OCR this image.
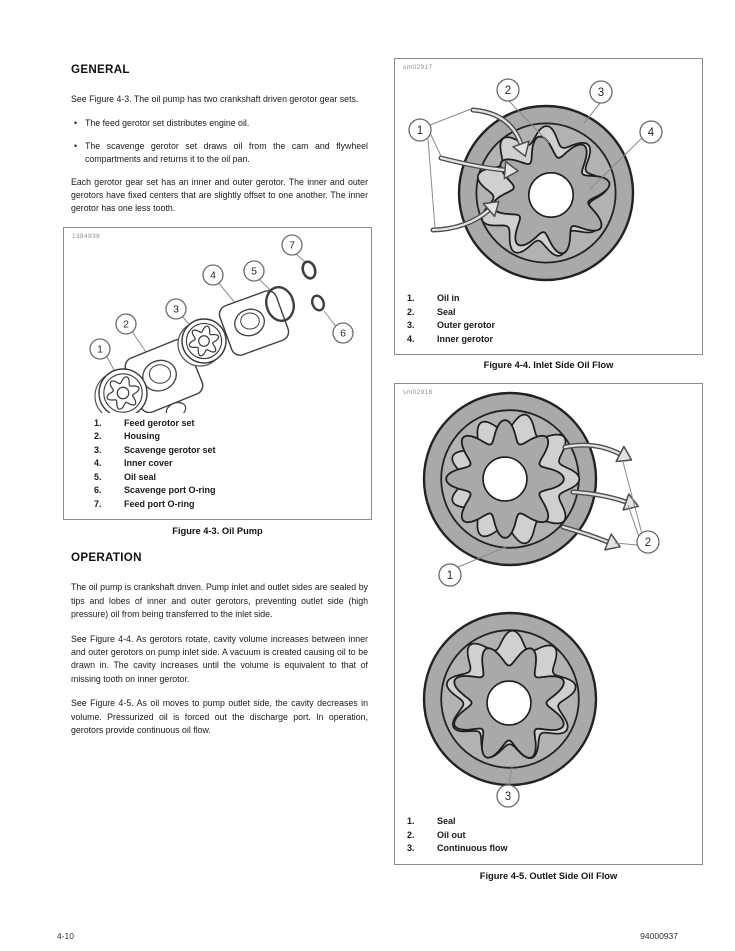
GENERAL

See Figure 4-3. The oil pump has two crankshaft driven gerotor gear sets.

• The feed gerotor set distributes engine oil.
• The scavenge gerotor set draws oil from the cam and flywheel compartments and returns it to the oil pan.

Each gerotor gear set has an inner and outer gerotor. The inner and outer gerotors have fixed centers that are slightly offset to one another. The inner gerotor has one less tooth.

1384938
1
2
3
4	5
6
7
1. Feed gerotor set
2. Housing
3. Scavenge gerotor set
4. Inner cover
5. Oil seal
6. Scavenge port O-ring
7. Feed port O-ring
Figure 4-3. Oil Pump
OPERATION

The oil pump is crankshaft driven. Pump inlet and outlet sides are sealed by tips and lobes of inner and outer gerotors, preventing outlet side (high pressure) oil from being transferred to the inlet side.

See Figure 4-4. As gerotors rotate, cavity volume increases between inner and outer gerotors on pump inlet side. A vacuum is created causing oil to be drawn in. The cavity increases until the volume is equivalent to that of missing tooth on inner gerotor.

See Figure 4-5. As oil moves to pump outlet side, the cavity decreases in volume. Pressurized oil is forced out the discharge port. In operation, gerotors provide continuous oil flow.

sm02917
1
2	3
4
1. Oil in
2. Seal
3. Outer gerotor
4. Inner gerotor
Figure 4-4. Inlet Side Oil Flow
sm02918
1
2
3
1. Seal
2. Oil out
3. Continuous flow
Figure 4-5. Outlet Side Oil Flow
4-10	94000937
